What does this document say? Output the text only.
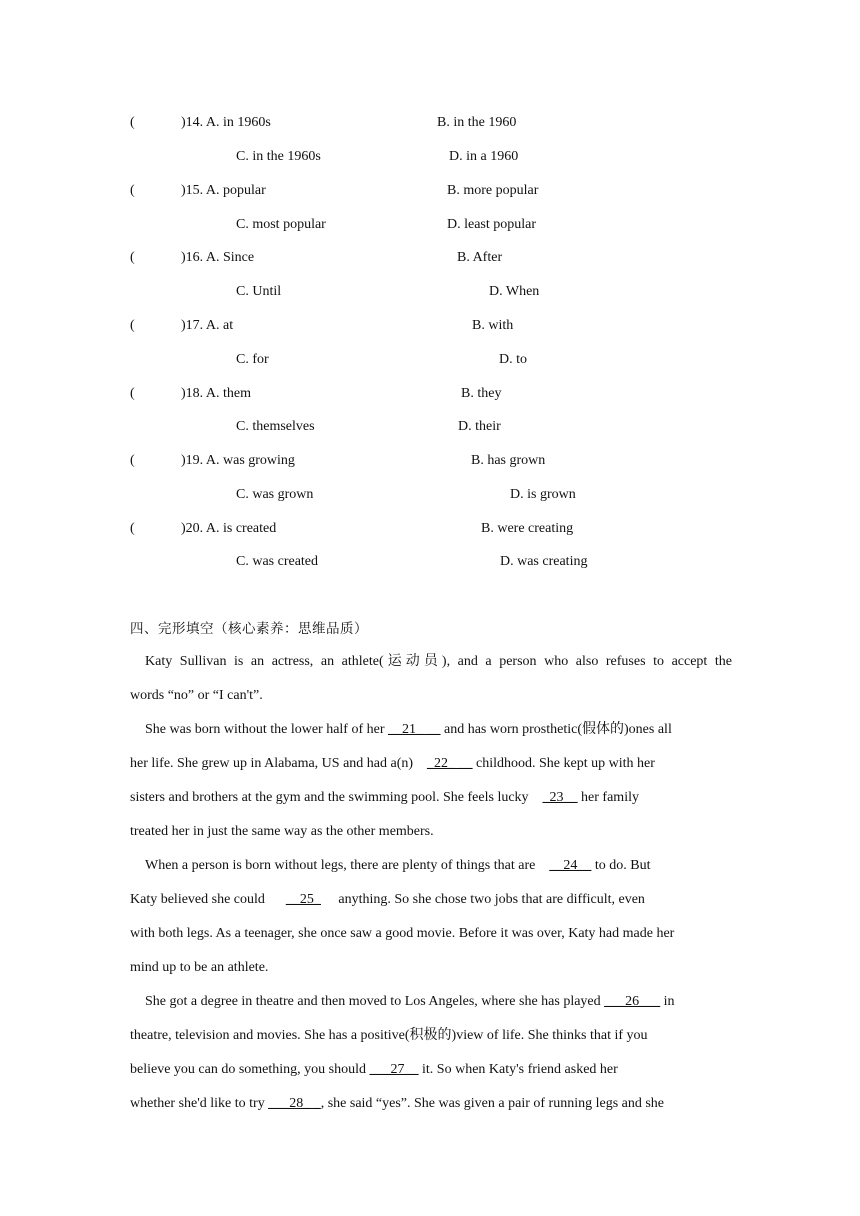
(	)14. A. in 1960s	B. in the 1960
C. in the 1960s	D. in a 1960
(	)15. A. popular	B. more popular
C. most popular	D. least popular
(	)16. A. Since	B. After
C. Until	D. When
(	)17. A. at	B. with
C. for	D. to
(	)18. A. them	B. they
C. themselves	D. their
(	)19. A. was growing	B. has grown
C. was grown	D. is grown
(	)20. A. is created	B. were creating
C. was created	D. was creating
四、完形填空（核心素养：思维品质）
Katy Sullivan is an actress, an athlete(运动员), and a person who also refuses to accept the
words “no” or “I can't”.
She was born without the lower half of her __21_ __ and has worn prosthetic(假体的)ones all
her life. She grew up in Alabama, US and had a(n)    _22_ __ childhood. She kept up with her
sisters and brothers at the gym and the swimming pool. She feels lucky    _23__ her family
treated her in just the same way as the other members.
When a person is born without legs, there are plenty of things that are    __24__ to do. But
Katy believed she could      __25_     anything. So she chose two jobs that are difficult, even
with both legs. As a teenager, she once saw a good movie. Before it was over, Katy had made her
mind up to be an athlete.
She got a degree in theatre and then moved to Los Angeles, where she has played ___26___ in
theatre, television and movies. She has a positive(积极的)view of life. She thinks that if you
believe you can do something, you should ___27__ it. So when Katy's friend asked her
whether she'd like to try ___28_ _, she said “yes”. She was given a pair of running legs and she
